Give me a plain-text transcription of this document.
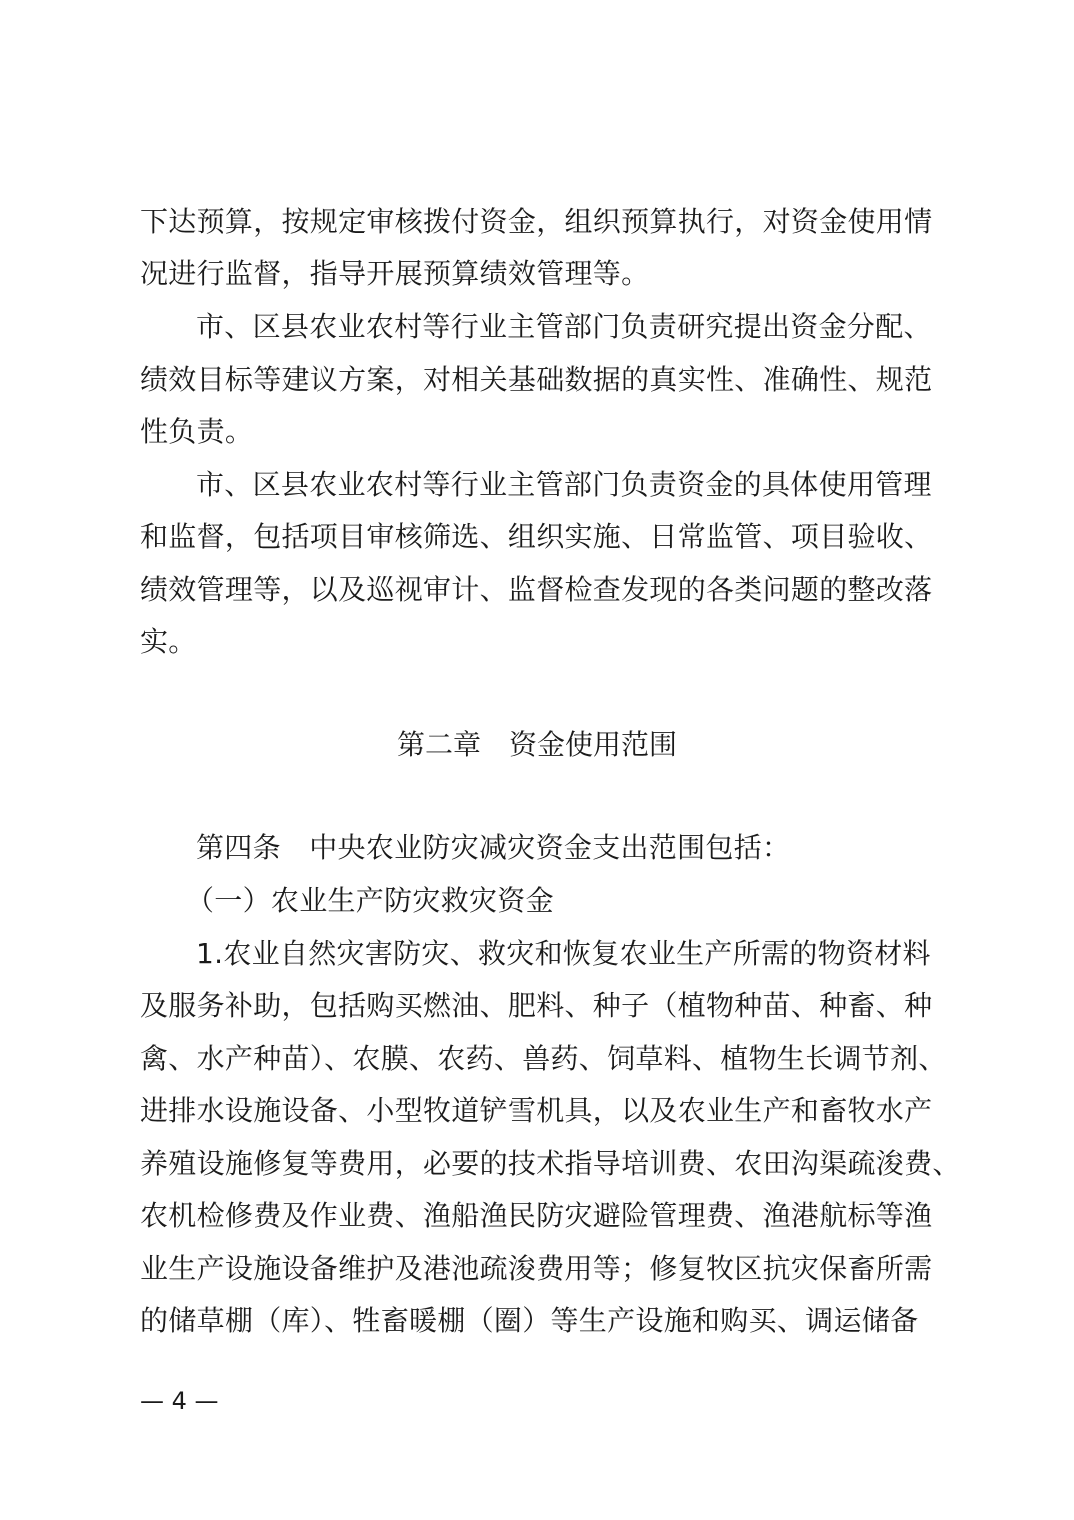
下达预算，按规定审核拨付资金，组织预算执行，对资金使用情
况进行监督，指导开展预算绩效管理等。
市、区县农业农村等行业主管部门负责研究提出资金分配、
绩效目标等建议方案，对相关基础数据的真实性、准确性、规范
性负责。
市、区县农业农村等行业主管部门负责资金的具体使用管理
和监督，包括项目审核筛选、组织实施、日常监管、项目验收、
绩效管理等，以及巡视审计、监督检查发现的各类问题的整改落
实。
第二章　资金使用范围
第四条　中央农业防灾减灾资金支出范围包括：
（一）农业生产防灾救灾资金
1.农业自然灾害防灾、救灾和恢复农业生产所需的物资材料
及服务补助，包括购买燃油、肥料、种子（植物种苗、种畜、种
禽、水产种苗）、农膜、农药、兽药、饲草料、植物生长调节剂、
进排水设施设备、小型牧道铲雪机具，以及农业生产和畜牧水产
养殖设施修复等费用，必要的技术指导培训费、农田沟渠疏浚费、
农机检修费及作业费、渔船渔民防灾避险管理费、渔港航标等渔
业生产设施设备维护及港池疏浚费用等；修复牧区抗灾保畜所需
的储草棚（库）、牲畜暖棚（圈）等生产设施和购买、调运储备
— 4 —
